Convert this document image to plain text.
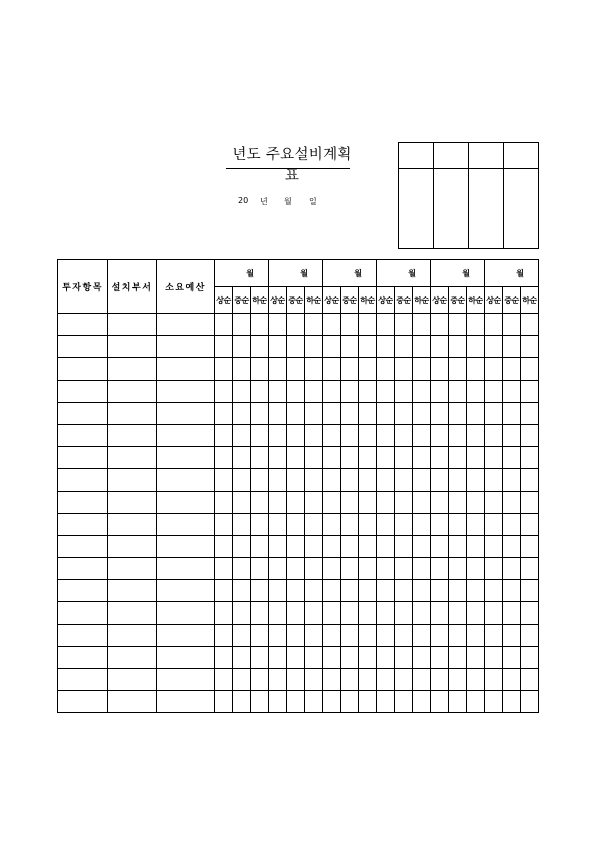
년도 주요설비계획표
20 년 월 일

투자항목	설치부서	소요예산	월			월			월			월			월			월		
			상순	중순	하순	상순	중순	하순	상순	중순	하순	상순	중순	하순	상순	중순	하순	상순	중순	하순
